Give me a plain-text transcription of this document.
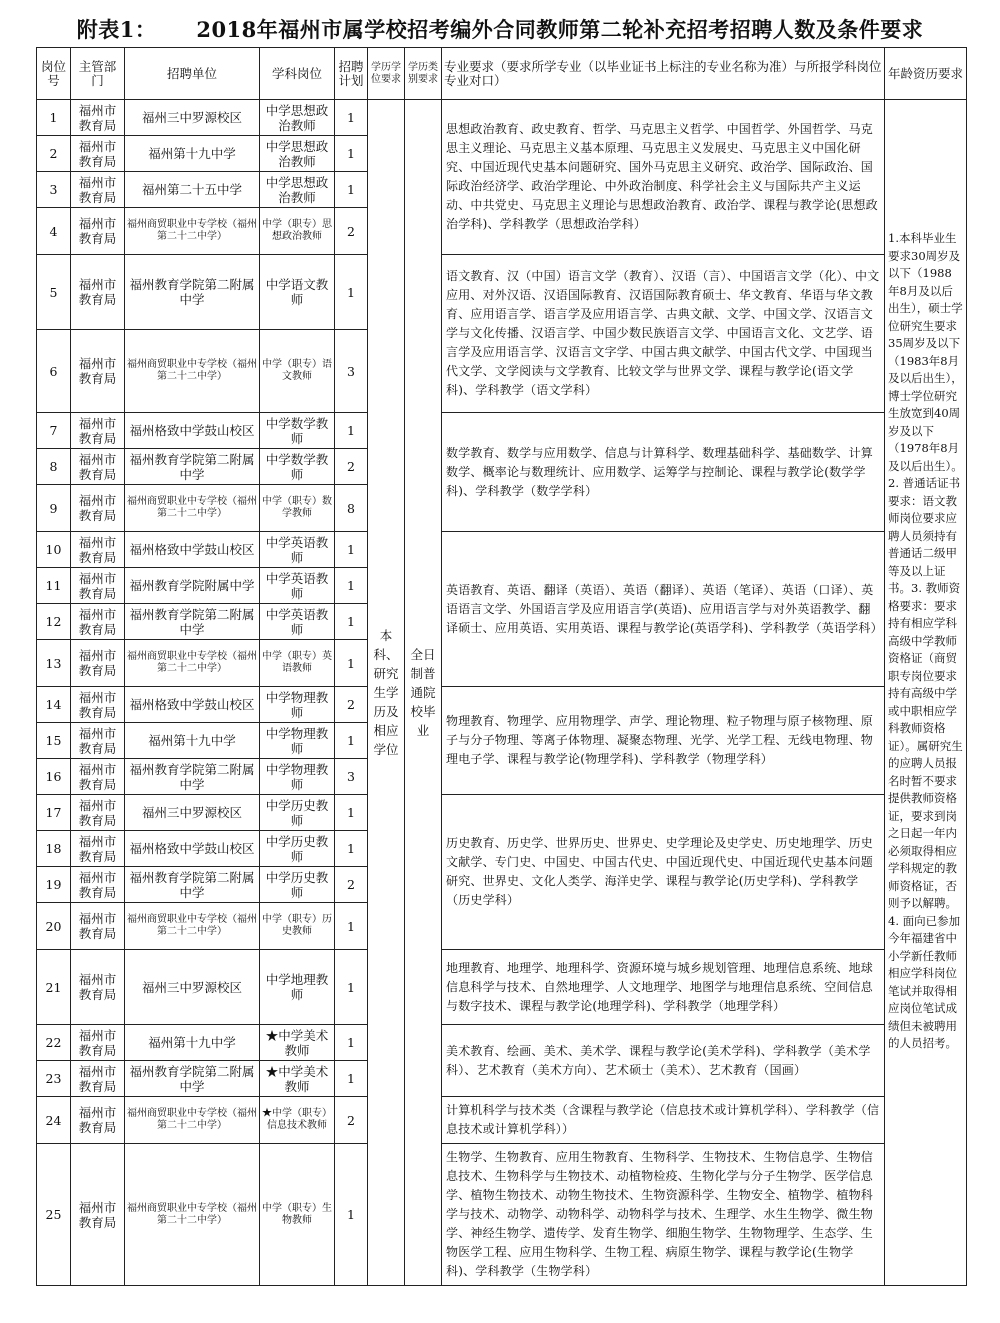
附表1： 2018年福州市属学校招考编外合同教师第二轮补充招考招聘人数及条件要求
岗位号	主管部门	招聘单位	学科岗位	招聘计划	学历学位要求	学历类别要求	专业要求（要求所学专业（以毕业证书上标注的专业名称为准）与所报学科岗位专业对口）	年龄资历要求
1	福州市教育局	福州三中罗源校区	中学思想政治教师	1	本科、研究生学历及相应学位	全日制普通院校毕业	思想政治教育、政史教育、哲学、马克思主义哲学、中国哲学、外国哲学、马克思主义理论、马克思主义基本原理、马克思主义发展史、马克思主义中国化研究、中国近现代史基本问题研究、国外马克思主义研究、政治学、国际政治、国际政治经济学、政治学理论、中外政治制度、科学社会主义与国际共产主义运动、中共党史、马克思主义理论与思想政治教育、政治学、课程与教学论(思想政治学科)、学科教学（思想政治学科）	1.本科毕业生要求30周岁及以下（1988年8月及以后出生），硕士学位研究生要求35周岁及以下（1983年8月及以后出生），博士学位研究生放宽到40周岁及以下（1978年8月及以后出生）。2. 普通话证书要求：语文教师岗位要求应聘人员须持有普通话二级甲等及以上证书。3. 教师资格要求：要求持有相应学科高级中学教师资格证（商贸职专岗位要求持有高级中学或中职相应学科教师资格证）。属研究生的应聘人员报名时暂不要求提供教师资格证，要求到岗之日起一年内必须取得相应学科规定的教师资格证，否则予以解聘。4. 面向已参加今年福建省中小学新任教师相应学科岗位笔试并取得相应岗位笔试成绩但未被聘用的人员招考。
2	福州市教育局	福州第十九中学	中学思想政治教师	1				
3	福州市教育局	福州第二十五中学	中学思想政治教师	1				
4	福州市教育局	福州商贸职业中专学校（福州第二十二中学）	中学（职专）思想政治教师	2				
5	福州市教育局	福州教育学院第二附属中学	中学语文教师	1			语文教育、汉（中国）语言文学（教育）、汉语（言）、中国语言文学（化）、中文应用、对外汉语、汉语国际教育、汉语国际教育硕士、华文教育、华语与华文教育、应用语言学、语言学及应用语言学、古典文献、文学、中国文学、汉语言文学与文化传播、汉语言学、中国少数民族语言文学、中国语言文化、文艺学、语言学及应用语言学、汉语言文字学、中国古典文献学、中国古代文学、中国现当代文学、文学阅读与文学教育、比较文学与世界文学、课程与教学论(语文学科)、学科教学（语文学科）	
6	福州市教育局	福州商贸职业中专学校（福州第二十二中学）	中学（职专）语文教师	3				
7	福州市教育局	福州格致中学鼓山校区	中学数学教师	1			数学教育、数学与应用数学、信息与计算科学、数理基础科学、基础数学、计算数学、概率论与数理统计、应用数学、运筹学与控制论、课程与教学论(数学学科)、学科教学（数学学科）	
8	福州市教育局	福州教育学院第二附属中学	中学数学教师	2				
9	福州市教育局	福州商贸职业中专学校（福州第二十二中学）	中学（职专）数学教师	8				
10	福州市教育局	福州格致中学鼓山校区	中学英语教师	1			英语教育、英语、翻译（英语）、英语（翻译）、英语（笔译）、英语（口译）、英语语言文学、外国语言学及应用语言学(英语)、应用语言学与对外英语教学、翻译硕士、应用英语、实用英语、课程与教学论(英语学科)、学科教学（英语学科）	
11	福州市教育局	福州教育学院附属中学	中学英语教师	1				
12	福州市教育局	福州教育学院第二附属中学	中学英语教师	1				
13	福州市教育局	福州商贸职业中专学校（福州第二十二中学）	中学（职专）英语教师	1				
14	福州市教育局	福州格致中学鼓山校区	中学物理教师	2			物理教育、物理学、应用物理学、声学、理论物理、粒子物理与原子核物理、原子与分子物理、等离子体物理、凝聚态物理、光学、光学工程、无线电物理、物理电子学、课程与教学论(物理学科)、学科教学（物理学科）	
15	福州市教育局	福州第十九中学	中学物理教师	1				
16	福州市教育局	福州教育学院第二附属中学	中学物理教师	3				
17	福州市教育局	福州三中罗源校区	中学历史教师	1			历史教育、历史学、世界历史、世界史、史学理论及史学史、历史地理学、历史文献学、专门史、中国史、中国古代史、中国近现代史、中国近现代史基本问题研究、世界史、文化人类学、海洋史学、课程与教学论(历史学科)、学科教学（历史学科）	
18	福州市教育局	福州格致中学鼓山校区	中学历史教师	1				
19	福州市教育局	福州教育学院第二附属中学	中学历史教师	2				
20	福州市教育局	福州商贸职业中专学校（福州第二十二中学）	中学（职专）历史教师	1				
21	福州市教育局	福州三中罗源校区	中学地理教师	1			地理教育、地理学、地理科学、资源环境与城乡规划管理、地理信息系统、地球信息科学与技术、自然地理学、人文地理学、地图学与地理信息系统、空间信息与数字技术、课程与教学论(地理学科)、学科教学（地理学科）	
22	福州市教育局	福州第十九中学	★中学美术教师	1			美术教育、绘画、美术、美术学、课程与教学论(美术学科)、学科教学（美术学科）、艺术教育（美术方向）、艺术硕士（美术）、艺术教育（国画）	
23	福州市教育局	福州教育学院第二附属中学	★中学美术教师	1				
24	福州市教育局	福州商贸职业中专学校（福州第二十二中学）	★中学（职专）信息技术教师	2			计算机科学与技术类（含课程与教学论（信息技术或计算机学科）、学科教学（信息技术或计算机学科））	
25	福州市教育局	福州商贸职业中专学校（福州第二十二中学）	中学（职专）生物教师	1			生物学、生物教育、应用生物教育、生物科学、生物技术、生物信息学、生物信息技术、生物科学与生物技术、动植物检疫、生物化学与分子生物学、医学信息学、植物生物技术、动物生物技术、生物资源科学、生物安全、植物学、植物科学与技术、动物学、动物科学、动物科学与技术、生理学、水生生物学、微生物学、神经生物学、遗传学、发育生物学、细胞生物学、生物物理学、生态学、生物医学工程、应用生物科学、生物工程、病原生物学、课程与教学论(生物学科)、学科教学（生物学科）	
